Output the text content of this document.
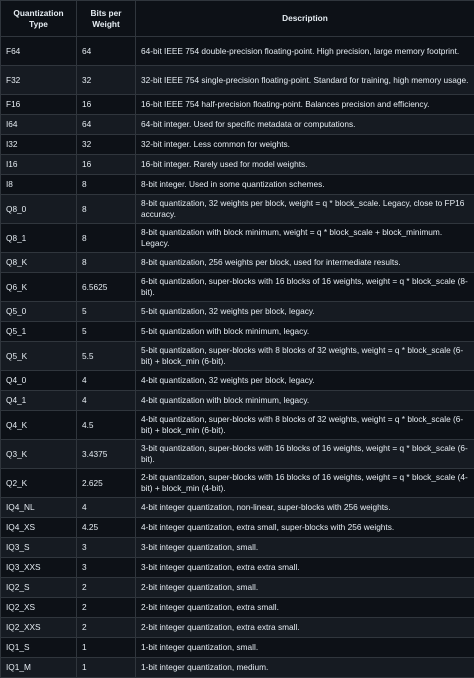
Quantization Type	Bits per Weight	Description
F64	64	64-bit IEEE 754 double-precision floating-point. High precision, large memory footprint.
F32	32	32-bit IEEE 754 single-precision floating-point. Standard for training, high memory usage.
F16	16	16-bit IEEE 754 half-precision floating-point. Balances precision and efficiency.
I64	64	64-bit integer. Used for specific metadata or computations.
I32	32	32-bit integer. Less common for weights.
I16	16	16-bit integer. Rarely used for model weights.
I8	8	8-bit integer. Used in some quantization schemes.
Q8_0	8	8-bit quantization, 32 weights per block, weight = q * block_scale. Legacy, close to FP16 accuracy.
Q8_1	8	8-bit quantization with block minimum, weight = q * block_scale + block_minimum. Legacy.
Q8_K	8	8-bit quantization, 256 weights per block, used for intermediate results.
Q6_K	6.5625	6-bit quantization, super-blocks with 16 blocks of 16 weights, weight = q * block_scale (8-bit).
Q5_0	5	5-bit quantization, 32 weights per block, legacy.
Q5_1	5	5-bit quantization with block minimum, legacy.
Q5_K	5.5	5-bit quantization, super-blocks with 8 blocks of 32 weights, weight = q * block_scale (6-bit) + block_min (6-bit).
Q4_0	4	4-bit quantization, 32 weights per block, legacy.
Q4_1	4	4-bit quantization with block minimum, legacy.
Q4_K	4.5	4-bit quantization, super-blocks with 8 blocks of 32 weights, weight = q * block_scale (6-bit) + block_min (6-bit).
Q3_K	3.4375	3-bit quantization, super-blocks with 16 blocks of 16 weights, weight = q * block_scale (6-bit).
Q2_K	2.625	2-bit quantization, super-blocks with 16 blocks of 16 weights, weight = q * block_scale (4-bit) + block_min (4-bit).
IQ4_NL	4	4-bit integer quantization, non-linear, super-blocks with 256 weights.
IQ4_XS	4.25	4-bit integer quantization, extra small, super-blocks with 256 weights.
IQ3_S	3	3-bit integer quantization, small.
IQ3_XXS	3	3-bit integer quantization, extra extra small.
IQ2_S	2	2-bit integer quantization, small.
IQ2_XS	2	2-bit integer quantization, extra small.
IQ2_XXS	2	2-bit integer quantization, extra extra small.
IQ1_S	1	1-bit integer quantization, small.
IQ1_M	1	1-bit integer quantization, medium.
